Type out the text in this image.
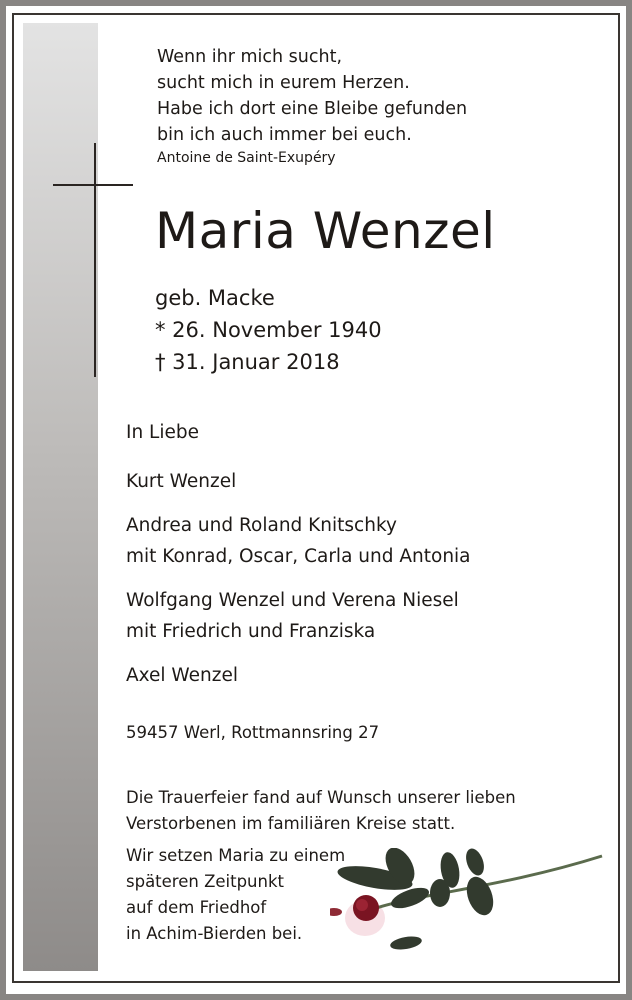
Wenn ihr mich sucht,
sucht mich in eurem Herzen.
Habe ich dort eine Bleibe gefunden
bin ich auch immer bei euch.
Antoine de Saint-Exupéry
Maria Wenzel
geb. Macke
* 26. November 1940
† 31. Januar 2018
In Liebe
Kurt Wenzel
Andrea und Roland Knitschky
mit Konrad, Oscar, Carla und Antonia
Wolfgang Wenzel und Verena Niesel
mit Friedrich und Franziska
Axel Wenzel
59457 Werl, Rottmannsring 27
Die Trauerfeier fand auf Wunsch unserer lieben
Verstorbenen im familiären Kreise statt.
Wir setzen Maria zu einem
späteren Zeitpunkt
auf dem Friedhof
in Achim-Bierden bei.
